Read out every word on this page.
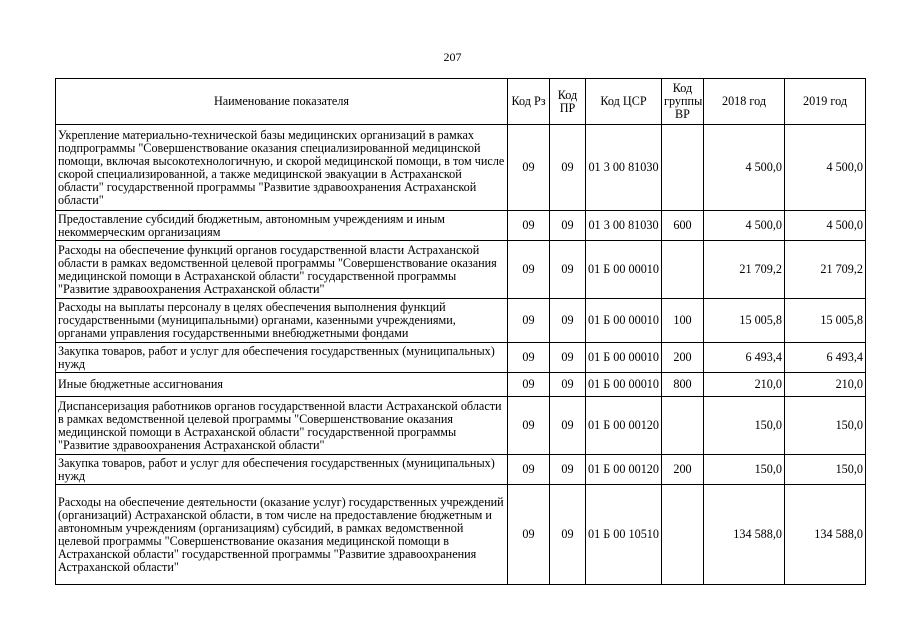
207
Наименование показателя	Код Рз	Код ПР	Код ЦСР	Код группы ВР	2018 год	2019 год
Укрепление материально-технической базы медицинских организаций в рамках подпрограммы "Совершенствование оказания специализированной медицинской помощи, включая высокотехнологичную, и скорой медицинской помощи, в том числе скорой специализированной, а также медицинской эвакуации в Астраханской области" государственной программы "Развитие здравоохранения Астраханской области"	09	09	01 3 00 81030		4 500,0	4 500,0
Предоставление субсидий бюджетным, автономным учреждениям и иным некоммерческим организациям	09	09	01 3 00 81030	600	4 500,0	4 500,0
Расходы на обеспечение функций органов государственной власти Астраханской области в рамках ведомственной целевой программы "Совершенствование оказания медицинской помощи в Астраханской области" государственной программы "Развитие здравоохранения Астраханской области"	09	09	01 Б 00 00010		21 709,2	21 709,2
Расходы на выплаты персоналу в целях обеспечения выполнения функций государственными (муниципальными) органами, казенными учреждениями, органами управления государственными внебюджетными фондами	09	09	01 Б 00 00010	100	15 005,8	15 005,8
Закупка товаров, работ и услуг для обеспечения государственных (муниципальных) нужд	09	09	01 Б 00 00010	200	6 493,4	6 493,4
Иные бюджетные ассигнования	09	09	01 Б 00 00010	800	210,0	210,0
Диспансеризация работников органов государственной власти Астраханской области в рамках ведомственной целевой программы "Совершенствование оказания медицинской помощи в Астраханской области" государственной программы "Развитие здравоохранения Астраханской области"	09	09	01 Б 00 00120		150,0	150,0
Закупка товаров, работ и услуг для обеспечения государственных (муниципальных) нужд	09	09	01 Б 00 00120	200	150,0	150,0
Расходы на обеспечение деятельности (оказание услуг) государственных учреждений (организаций) Астраханской области, в том числе на предоставление бюджетным и автономным учреждениям (организациям) субсидий, в рамках ведомственной целевой программы "Совершенствование оказания медицинской помощи в Астраханской области" государственной программы "Развитие здравоохранения Астраханской области"	09	09	01 Б 00 10510		134 588,0	134 588,0
